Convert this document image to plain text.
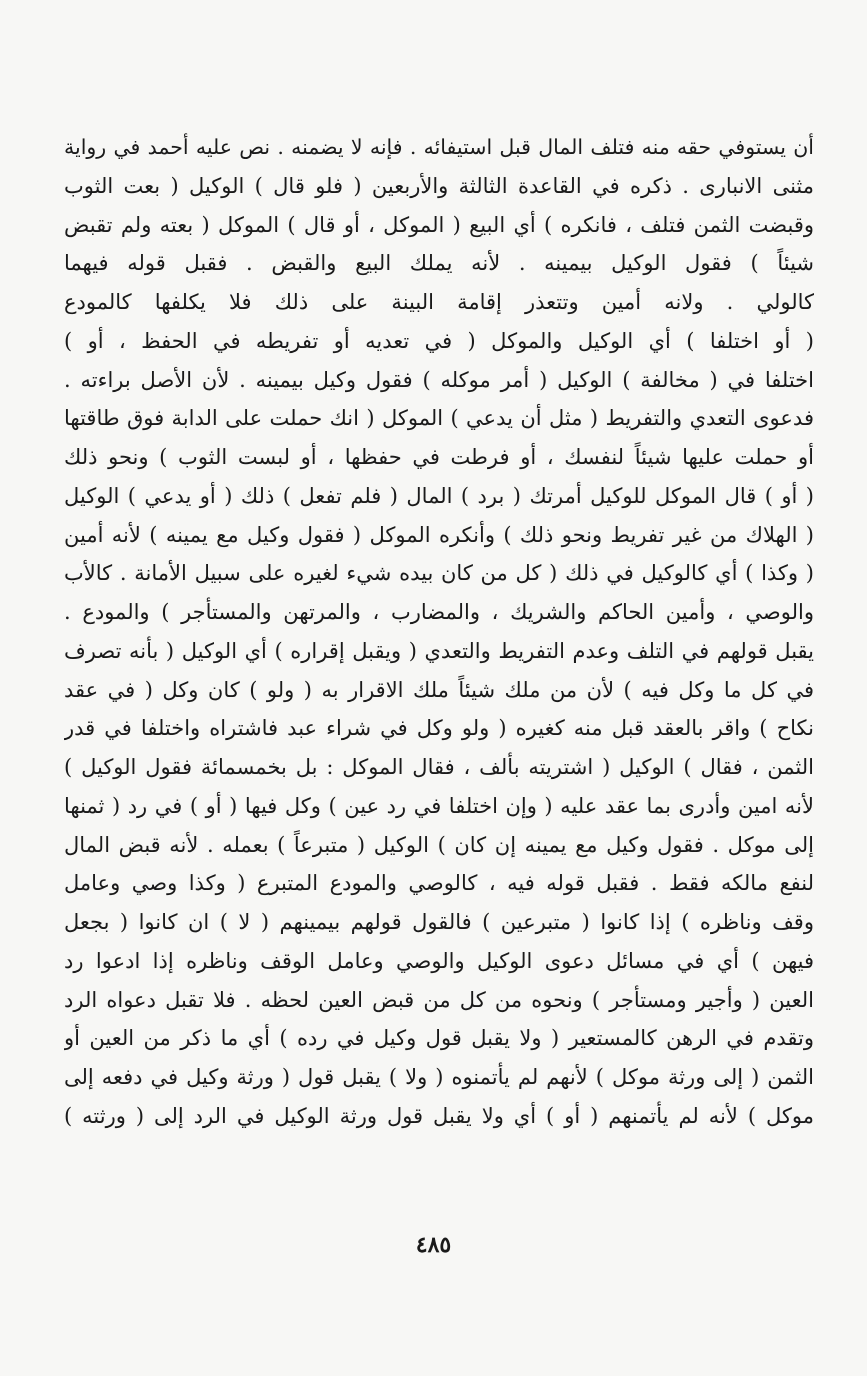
أن يستوفي حقه منه فتلف المال قبل استيفائه . فإنه لا يضمنه . نص عليه أحمد في رواية
مثنى الانبارى . ذكره في القاعدة الثالثة والأربعين ( فلو قال ) الوكيل ( بعت الثوب
وقبضت الثمن فتلف ، فانكره ) أي البيع ( الموكل ، أو قال ) الموكل ( بعته ولم تقبض
شيئاً ) فقول الوكيل بيمينه . لأنه يملك البيع والقبض . فقبل قوله فيهما
كالولي . ولانه أمين وتتعذر إقامة البينة على ذلك فلا يكلفها كالمودع
( أو اختلفا ) أي الوكيل والموكل ( في تعديه أو تفريطه في الحفظ ، أو )
اختلفا في ( مخالفة ) الوكيل ( أمر موكله ) فقول وكيل بيمينه . لأن الأصل براءته .
فدعوى التعدي والتفريط ( مثل أن يدعي ) الموكل ( انك حملت على الدابة فوق طاقتها
أو حملت عليها شيئاً لنفسك ، أو فرطت في حفظها ، أو لبست الثوب ) ونحو ذلك
( أو ) قال الموكل للوكيل أمرتك ( برد ) المال ( فلم تفعل ) ذلك ( أو يدعي ) الوكيل
( الهلاك من غير تفريط ونحو ذلك ) وأنكره الموكل ( فقول وكيل مع يمينه ) لأنه أمين
( وكذا ) أي كالوكيل في ذلك ( كل من كان بيده شيء لغيره على سبيل الأمانة . كالأب
والوصي ، وأمين الحاكم والشريك ، والمضارب ، والمرتهن والمستأجر ) والمودع .
يقبل قولهم في التلف وعدم التفريط والتعدي ( ويقبل إقراره ) أي الوكيل ( بأنه تصرف
في كل ما وكل فيه ) لأن من ملك شيئاً ملك الاقرار به ( ولو ) كان وكل ( في عقد
نكاح ) واقر بالعقد قبل منه كغيره ( ولو وكل في شراء عبد فاشتراه واختلفا في قدر
الثمن ، فقال ) الوكيل ( اشتريته بألف ، فقال الموكل : بل بخمسمائة فقول الوكيل )
لأنه امين وأدرى بما عقد عليه ( وإن اختلفا في رد عين ) وكل فيها ( أو ) في رد ( ثمنها
إلى موكل . فقول وكيل مع يمينه إن كان ) الوكيل ( متبرعاً ) بعمله . لأنه قبض المال
لنفع مالكه فقط . فقبل قوله فيه ، كالوصي والمودع المتبرع ( وكذا وصي وعامل
وقف وناظره ) إذا كانوا ( متبرعين ) فالقول قولهم بيمينهم ( لا ) ان كانوا ( بجعل
فيهن ) أي في مسائل دعوى الوكيل والوصي وعامل الوقف وناظره إذا ادعوا رد
العين ( وأجير ومستأجر ) ونحوه من كل من قبض العين لحظه . فلا تقبل دعواه الرد
وتقدم في الرهن كالمستعير ( ولا يقبل قول وكيل في رده ) أي ما ذكر من العين أو
الثمن ( إلى ورثة موكل ) لأنهم لم يأتمنوه ( ولا ) يقبل قول ( ورثة وكيل في دفعه إلى
موكل ) لأنه لم يأتمنهم ( أو ) أي ولا يقبل قول ورثة الوكيل في الرد إلى ( ورثته )
٤٨٥
